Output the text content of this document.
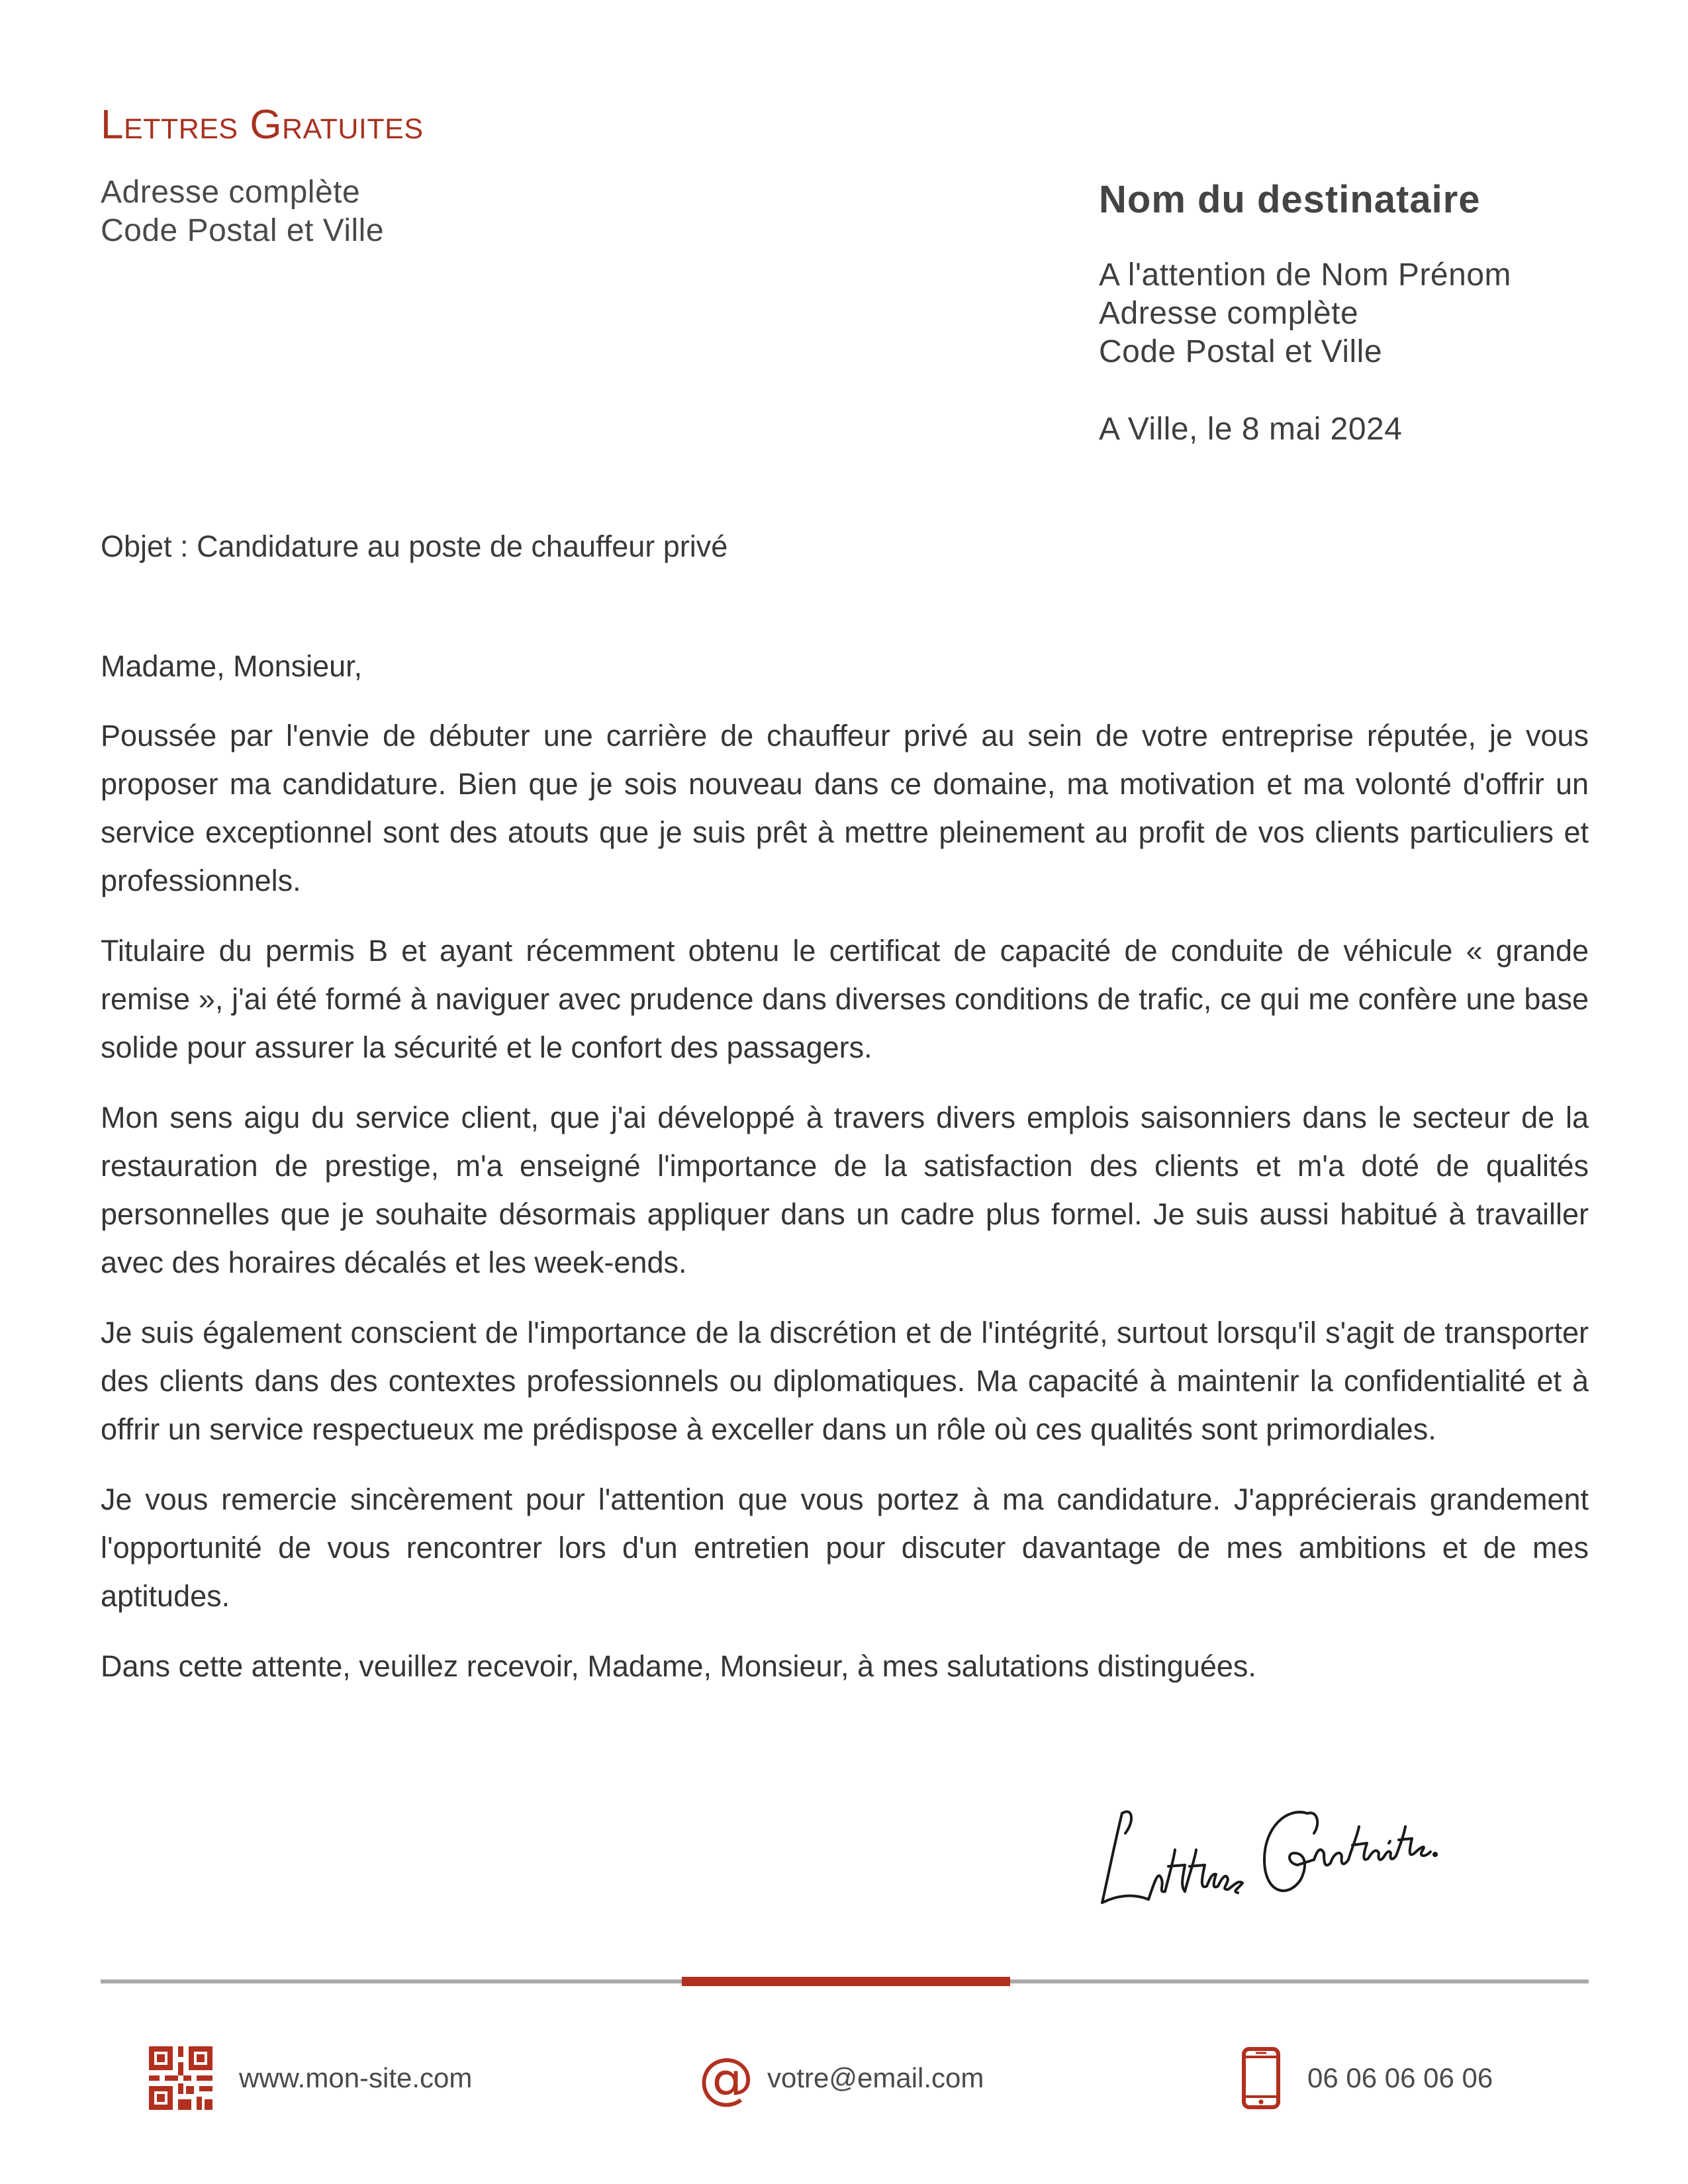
Lettres Gratuites
Adresse complète
Code Postal et Ville
Nom du destinataire
A l'attention de Nom Prénom
Adresse complète
Code Postal et Ville
A Ville, le 8 mai 2024
Objet : Candidature au poste de chauffeur privé
Madame, Monsieur,

Poussée par l'envie de débuter une carrière de chauffeur privé au sein de votre entreprise réputée, je vous proposer ma candidature. Bien que je sois nouveau dans ce domaine, ma motivation et ma volonté d'offrir un service exceptionnel sont des atouts que je suis prêt à mettre pleinement au profit de vos clients particuliers et professionnels.

Titulaire du permis B et ayant récemment obtenu le certificat de capacité de conduite de véhicule « grande remise », j'ai été formé à naviguer avec prudence dans diverses conditions de trafic, ce qui me confère une base solide pour assurer la sécurité et le confort des passagers.

Mon sens aigu du service client, que j'ai développé à travers divers emplois saisonniers dans le secteur de la restauration de prestige, m'a enseigné l'importance de la satisfaction des clients et m'a doté de qualités personnelles que je souhaite désormais appliquer dans un cadre plus formel. Je suis aussi habitué à travailler avec des horaires décalés et les week-ends.

Je suis également conscient de l'importance de la discrétion et de l'intégrité, surtout lorsqu'il s'agit de transporter des clients dans des contextes professionnels ou diplomatiques. Ma capacité à maintenir la confidentialité et à offrir un service respectueux me prédispose à exceller dans un rôle où ces qualités sont primordiales.

Je vous remercie sincèrement pour l'attention que vous portez à ma candidature. J'apprécierais grandement l'opportunité de vous rencontrer lors d'un entretien pour discuter davantage de mes ambitions et de mes aptitudes.

Dans cette attente, veuillez recevoir, Madame, Monsieur, à mes salutations distinguées.

www.mon-site.com	@ votre@email.com	06 06 06 06 06
